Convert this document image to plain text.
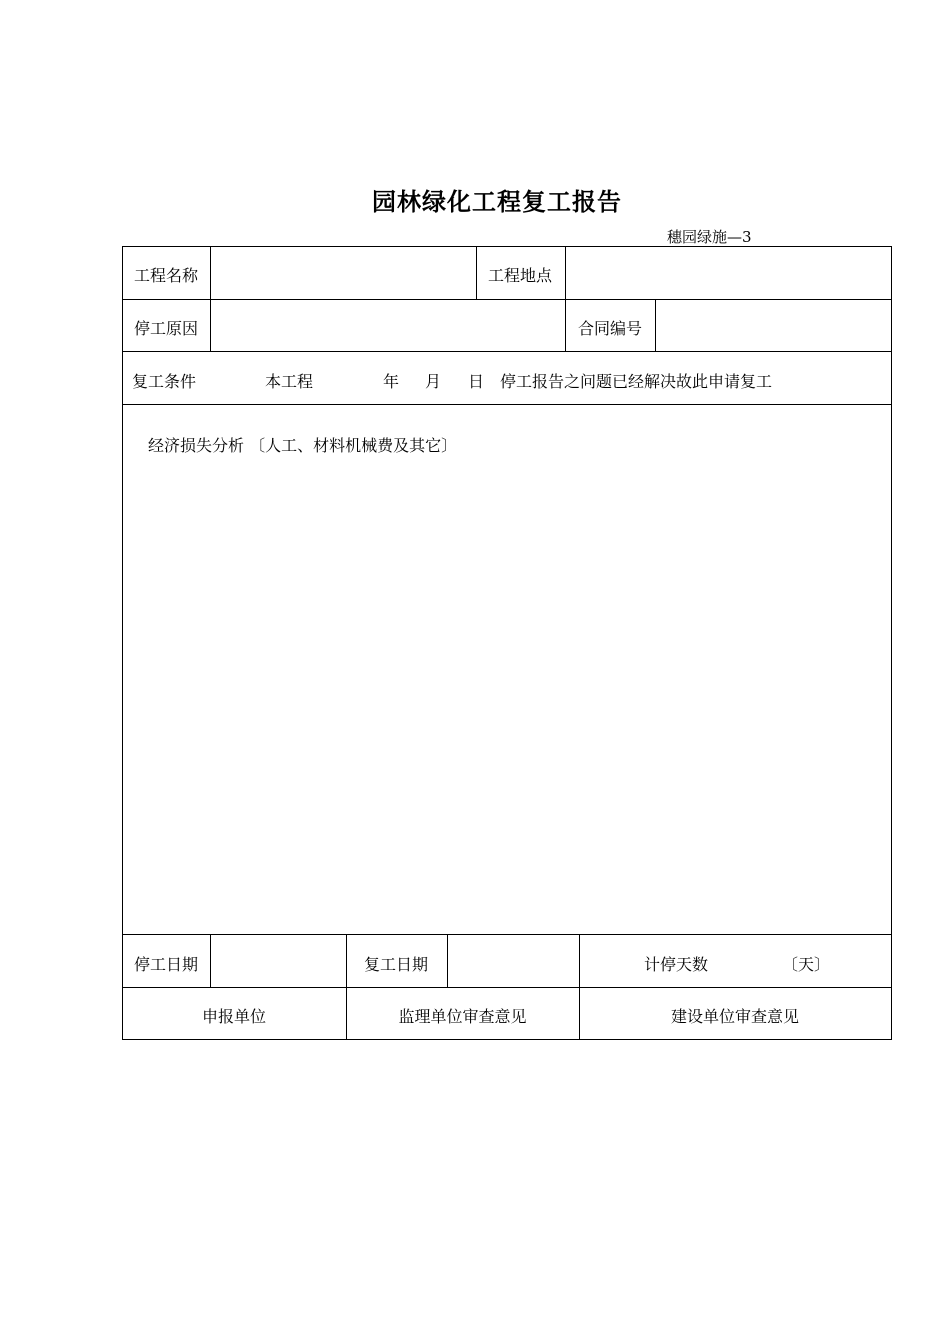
园林绿化工程复工报告
穗园绿施—3
工程名称	工程地点
停工原因	合同编号
复工条件	本工程	年 月 日 停工报告之问题已经解决故此申请复工
经济损失分析 〔人工、材料机械费及其它〕
停工日期	复工日期	计停天数	〔天〕
申报单位	监理单位审查意见	建设单位审查意见
